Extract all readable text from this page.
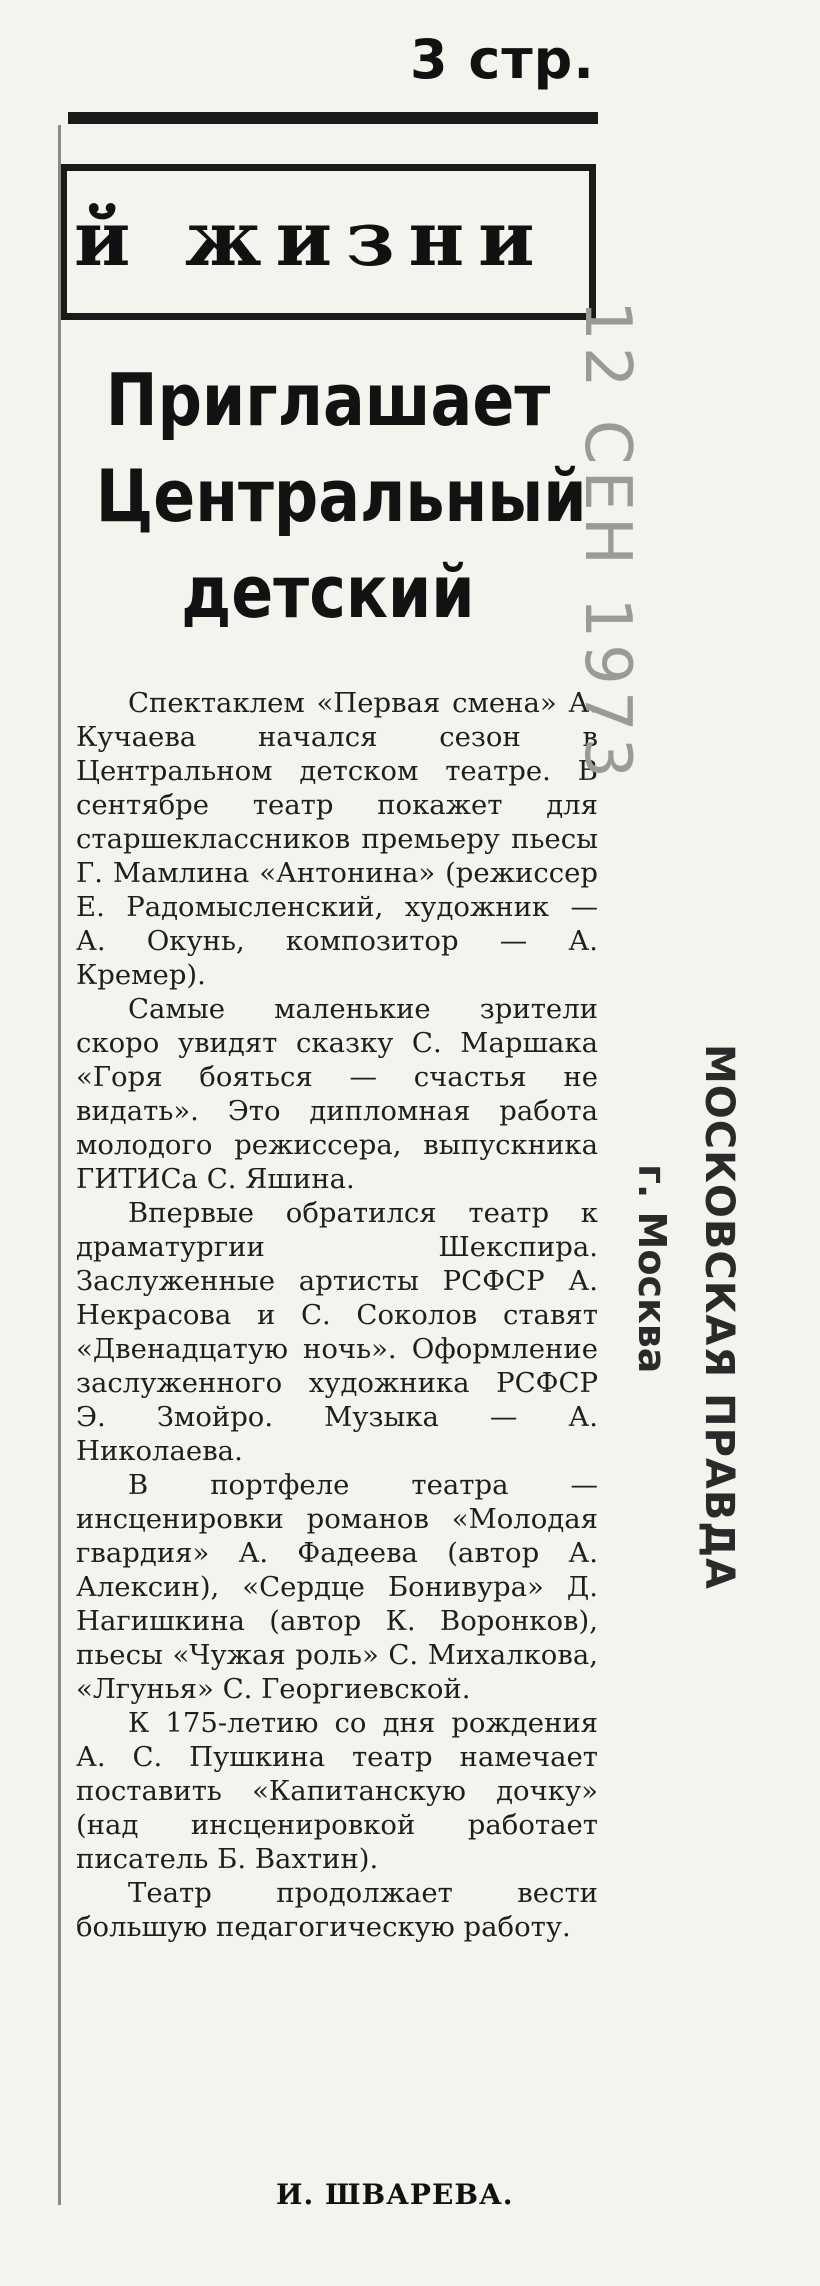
3 стр.
й жизни
Приглашает
Центральный
детский

Спектаклем «Первая смена» А. Кучаева начался сезон в Центральном детском театре. В сентябре театр покажет для старшеклассников премьеру пьесы Г. Мамлина «Антонина» (режиссер Е. Радомысленский, художник — А. Окунь, композитор — А. Кремер).

Самые маленькие зрители скоро увидят сказку С. Маршака «Горя бояться — счастья не видать». Это дипломная работа молодого режиссера, выпускника ГИТИСа С. Яшина.

Впервые обратился театр к драматургии Шекспира. Заслуженные артисты РСФСР А. Некрасова и С. Соколов ставят «Двенадцатую ночь». Оформление заслуженного художника РСФСР Э. Змойро. Музыка — А. Николаева.

В портфеле театра — инсценировки романов «Молодая гвардия» А. Фадеева (автор А. Алексин), «Сердце Бонивура» Д. Нагишкина (автор К. Воронков), пьесы «Чужая роль» С. Михалкова, «Лгунья» С. Георгиевской.

К 175-летию со дня рождения А. С. Пушкина театр намечает поставить «Капитанскую дочку» (над инсценировкой работает писатель Б. Вахтин).

Театр продолжает вести большую педагогическую работу.

И. ШВАРЕВА.
12 СЕН 1973
МОСКОВСКАЯ ПРАВДА
г. Москва
